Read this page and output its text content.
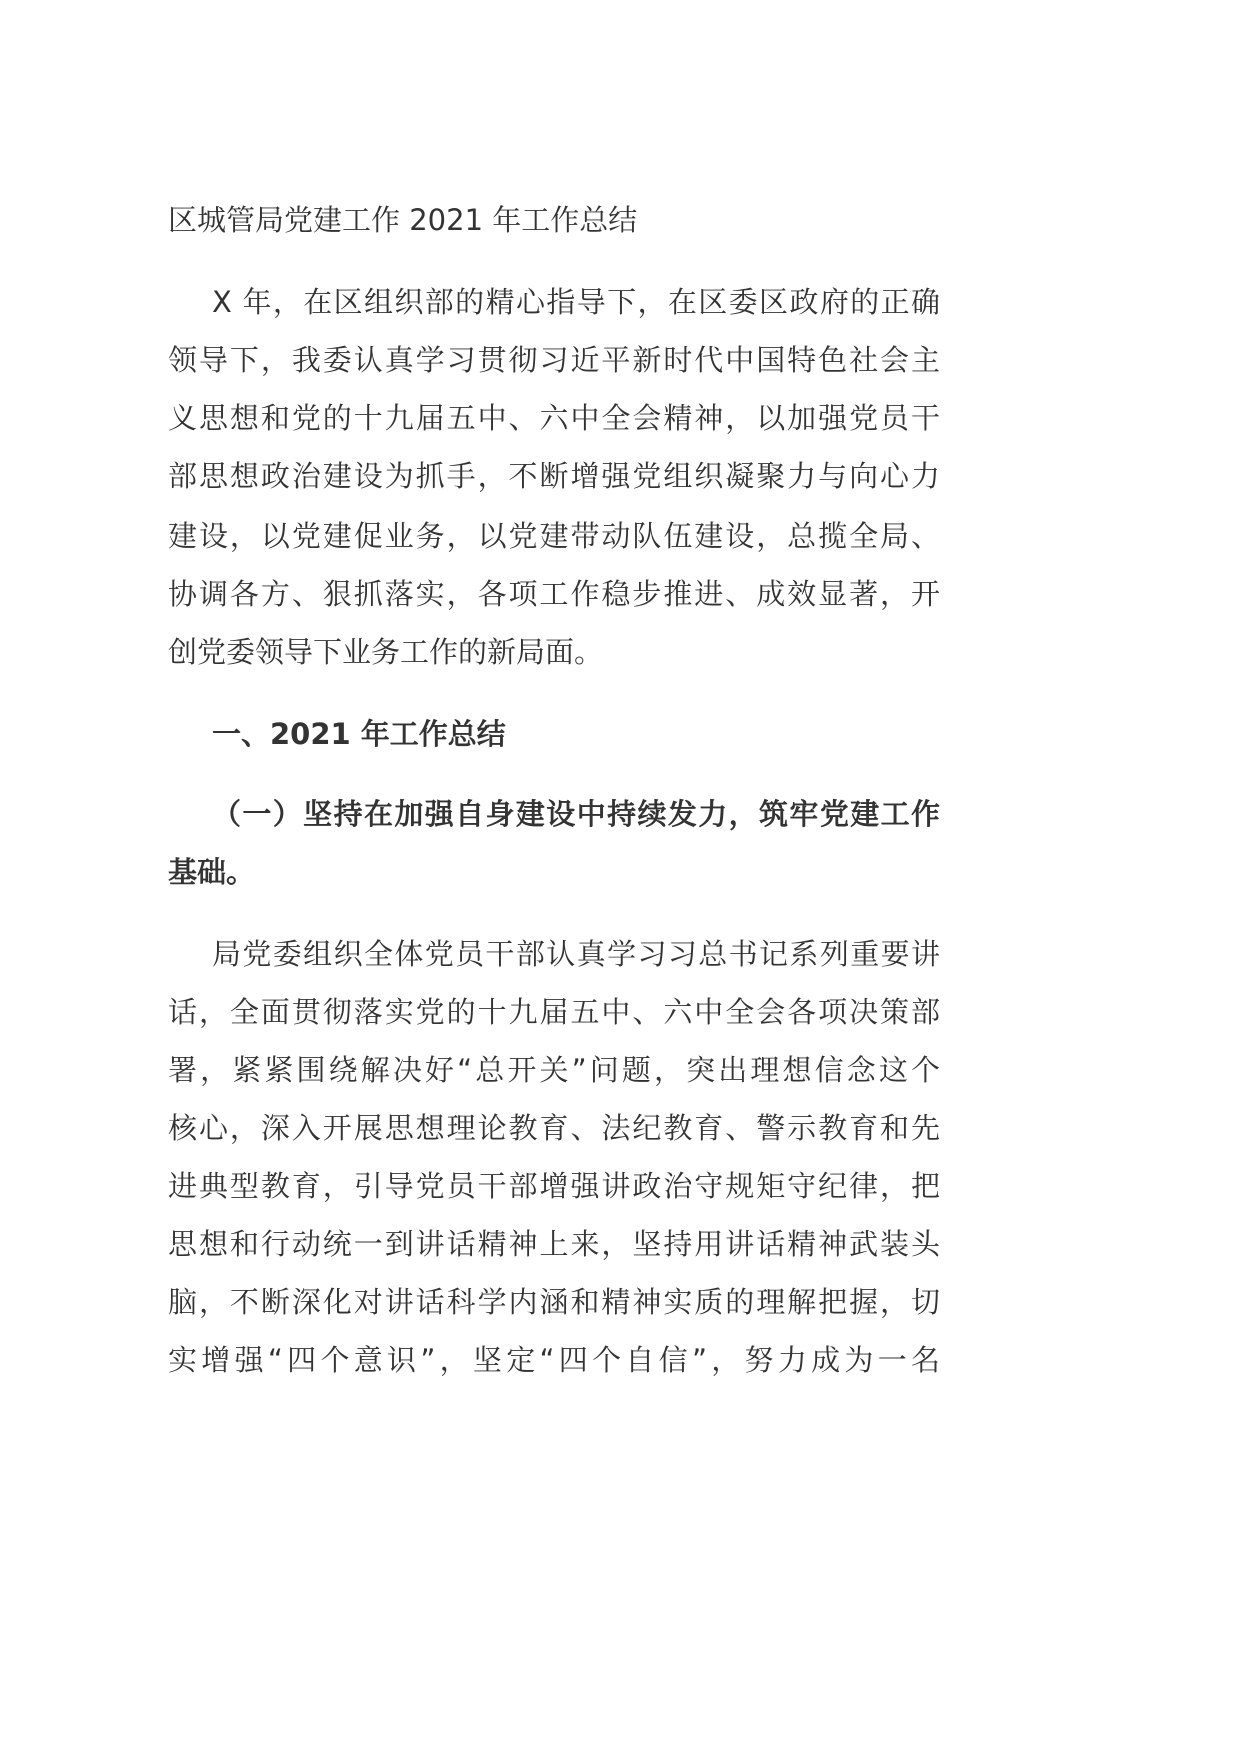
区城管局党建工作 2021 年工作总结
X 年，在区组织部的精心指导下，在区委区政府的正确
领导下，我委认真学习贯彻习近平新时代中国特色社会主
义思想和党的十九届五中、六中全会精神，以加强党员干
部思想政治建设为抓手，不断增强党组织凝聚力与向心力
建设，以党建促业务，以党建带动队伍建设，总揽全局、
协调各方、狠抓落实，各项工作稳步推进、成效显著，开
创党委领导下业务工作的新局面。
一、2021 年工作总结
（一）坚持在加强自身建设中持续发力，筑牢党建工作
基础。
局党委组织全体党员干部认真学习习总书记系列重要讲
话，全面贯彻落实党的十九届五中、六中全会各项决策部
署，紧紧围绕解决好“总开关”问题，突出理想信念这个
核心，深入开展思想理论教育、法纪教育、警示教育和先
进典型教育，引导党员干部增强讲政治守规矩守纪律，把
思想和行动统一到讲话精神上来，坚持用讲话精神武装头
脑，不断深化对讲话科学内涵和精神实质的理解把握，切
实增强“四个意识”，坚定“四个自信”，努力成为一名
